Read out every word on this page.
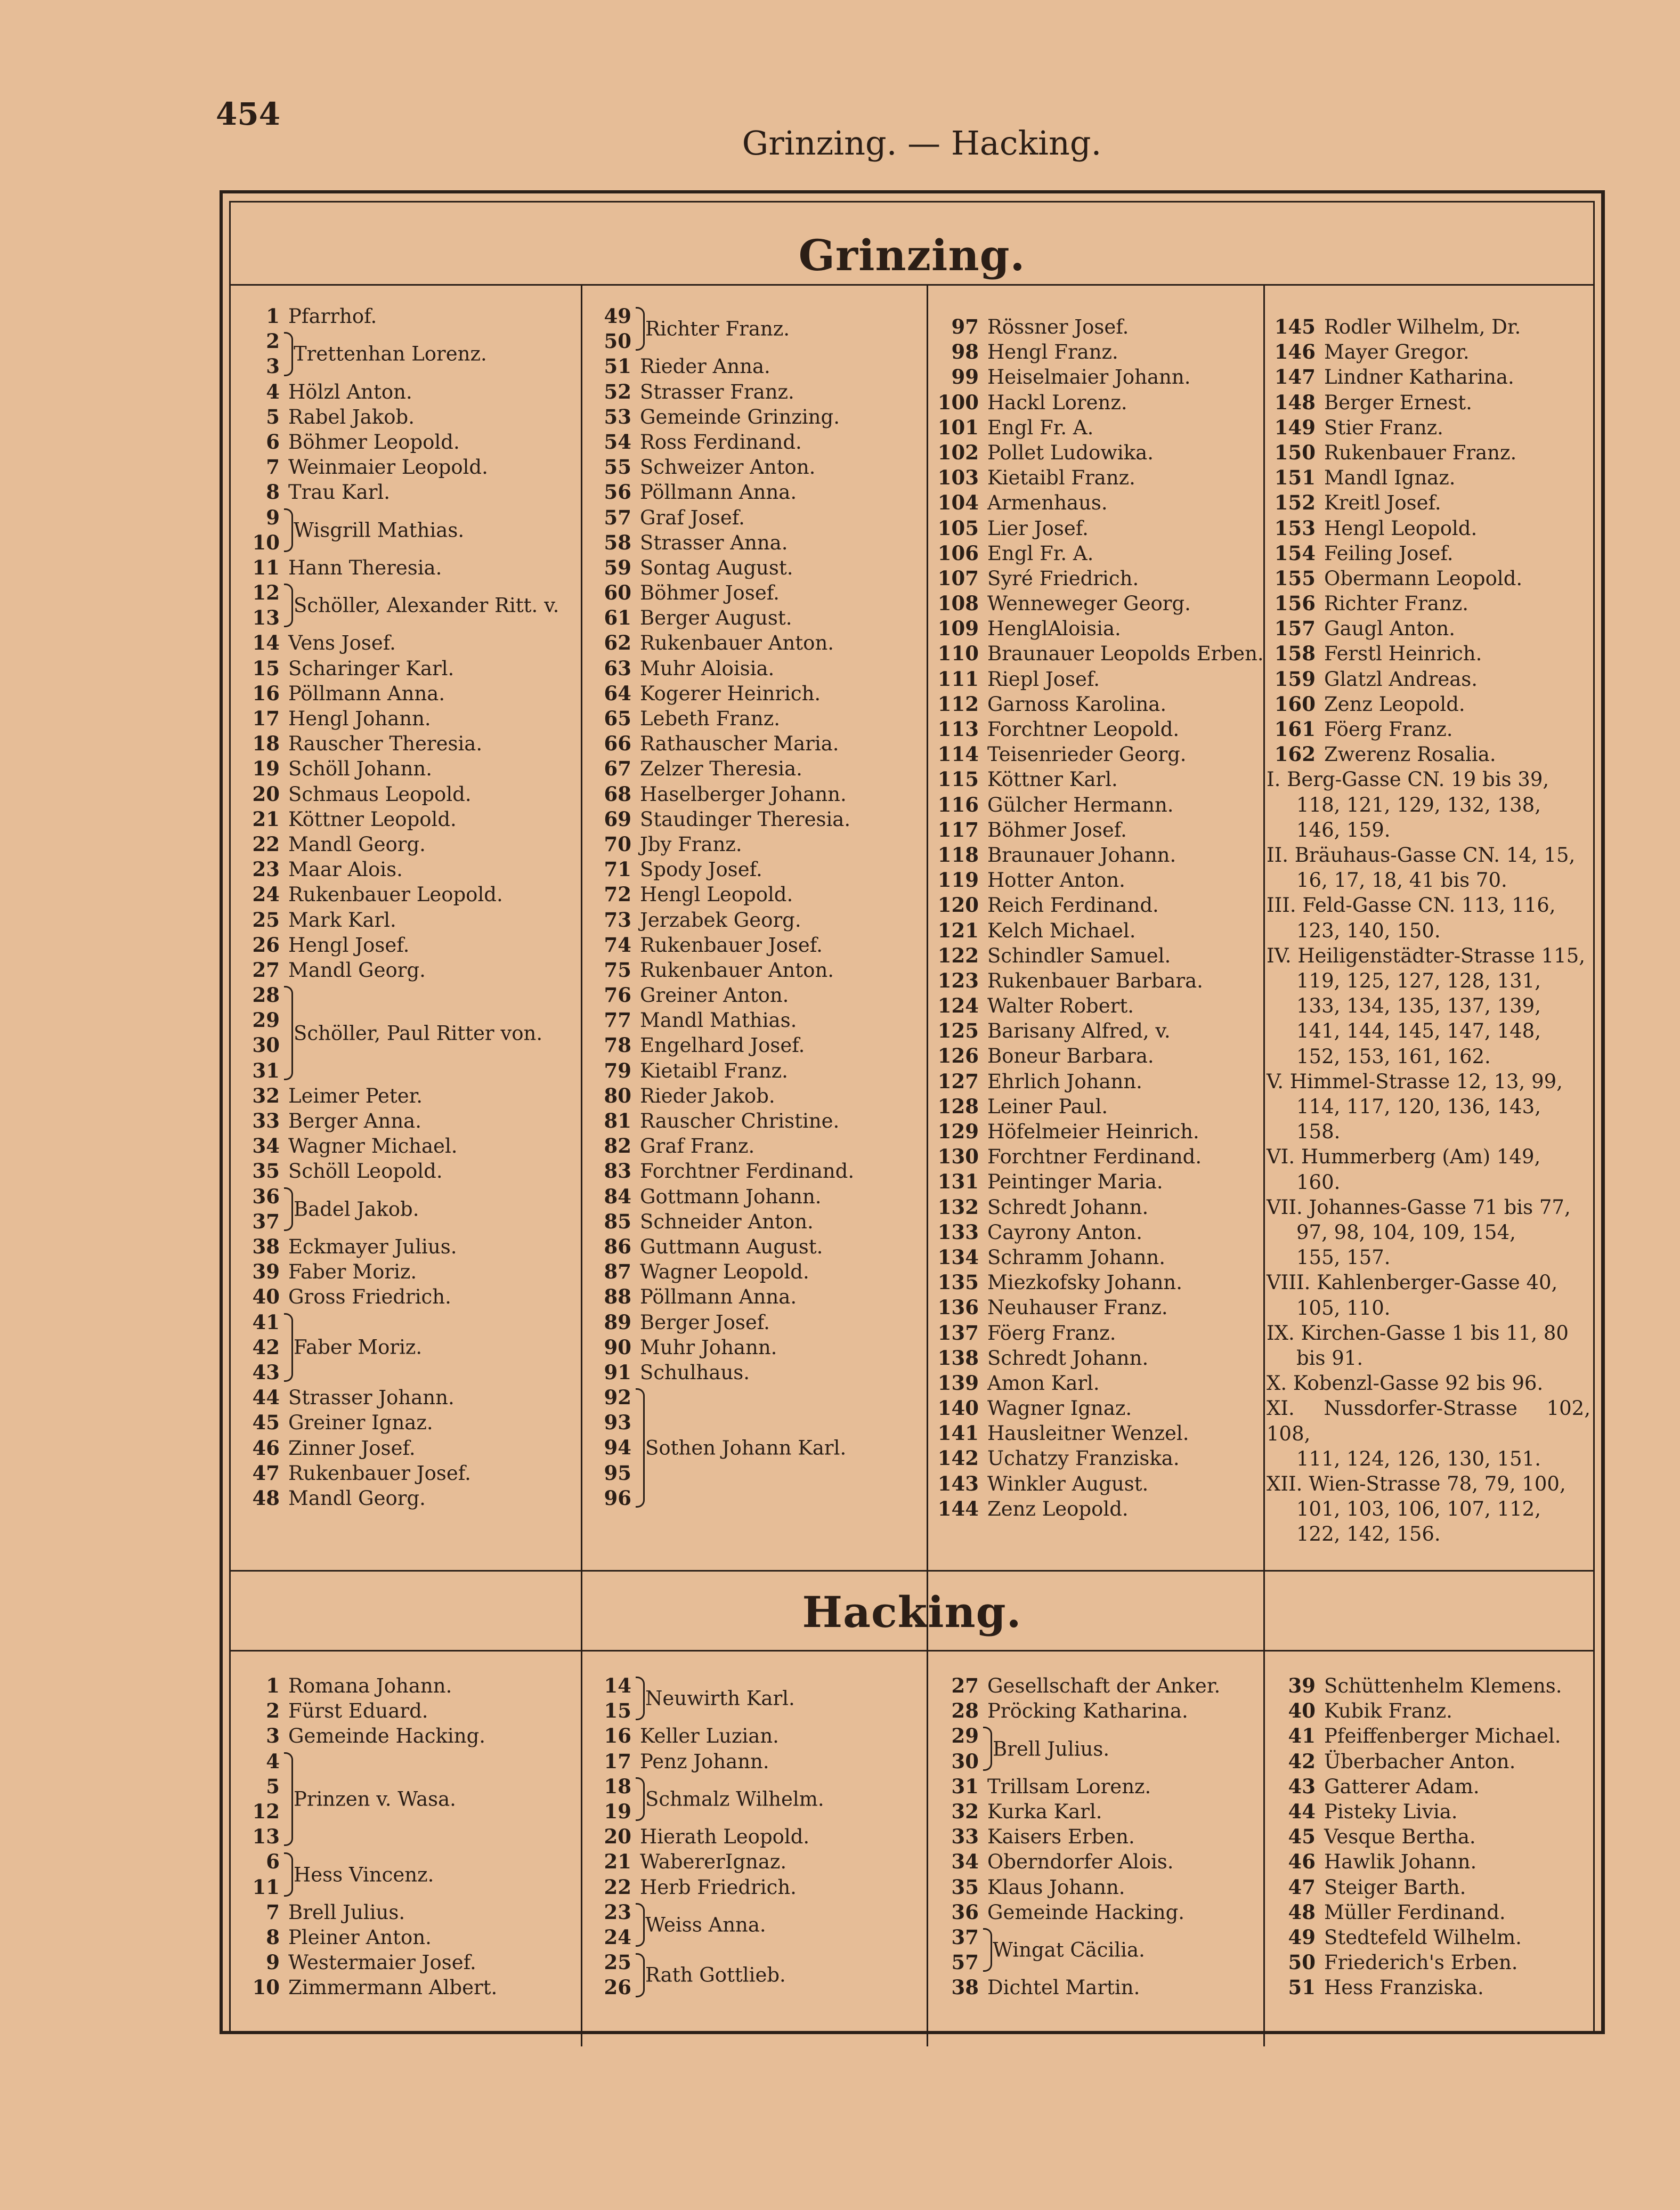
454
Grinzing. — Hacking.
Grinzing.
1 Pfarrhof.
2
3
Trettenhan Lorenz.
4 Hölzl Anton.
5 Rabel Jakob.
6 Böhmer Leopold.
7 Weinmaier Leopold.
8 Trau Karl.
9
10
Wisgrill Mathias.
11 Hann Theresia.
12
13
Schöller, Alexander Ritt. v.
14 Vens Josef.
15 Scharinger Karl.
16 Pöllmann Anna.
17 Hengl Johann.
18 Rauscher Theresia.
19 Schöll Johann.
20 Schmaus Leopold.
21 Köttner Leopold.
22 Mandl Georg.
23 Maar Alois.
24 Rukenbauer Leopold.
25 Mark Karl.
26 Hengl Josef.
27 Mandl Georg.
28
29
30
31
Schöller, Paul Ritter von.
32 Leimer Peter.
33 Berger Anna.
34 Wagner Michael.
35 Schöll Leopold.
36
37
Badel Jakob.
38 Eckmayer Julius.
39 Faber Moriz.
40 Gross Friedrich.
41
42
43
Faber Moriz.
44 Strasser Johann.
45 Greiner Ignaz.
46 Zinner Josef.
47 Rukenbauer Josef.
48 Mandl Georg.
49
50
Richter Franz.
51 Rieder Anna.
52 Strasser Franz.
53 Gemeinde Grinzing.
54 Ross Ferdinand.
55 Schweizer Anton.
56 Pöllmann Anna.
57 Graf Josef.
58 Strasser Anna.
59 Sontag August.
60 Böhmer Josef.
61 Berger August.
62 Rukenbauer Anton.
63 Muhr Aloisia.
64 Kogerer Heinrich.
65 Lebeth Franz.
66 Rathauscher Maria.
67 Zelzer Theresia.
68 Haselberger Johann.
69 Staudinger Theresia.
70 Jby Franz.
71 Spody Josef.
72 Hengl Leopold.
73 Jerzabek Georg.
74 Rukenbauer Josef.
75 Rukenbauer Anton.
76 Greiner Anton.
77 Mandl Mathias.
78 Engelhard Josef.
79 Kietaibl Franz.
80 Rieder Jakob.
81 Rauscher Christine.
82 Graf Franz.
83 Forchtner Ferdinand.
84 Gottmann Johann.
85 Schneider Anton.
86 Guttmann August.
87 Wagner Leopold.
88 Pöllmann Anna.
89 Berger Josef.
90 Muhr Johann.
91 Schulhaus.
92
93
94
95
96
Sothen Johann Karl.
97 Rössner Josef.
98 Hengl Franz.
99 Heiselmaier Johann.
100 Hackl Lorenz.
101 Engl Fr. A.
102 Pollet Ludowika.
103 Kietaibl Franz.
104 Armenhaus.
105 Lier Josef.
106 Engl Fr. A.
107 Syré Friedrich.
108 Wenneweger Georg.
109 HenglAloisia.
110 Braunauer Leopolds Erben.
111 Riepl Josef.
112 Garnoss Karolina.
113 Forchtner Leopold.
114 Teisenrieder Georg.
115 Köttner Karl.
116 Gülcher Hermann.
117 Böhmer Josef.
118 Braunauer Johann.
119 Hotter Anton.
120 Reich Ferdinand.
121 Kelch Michael.
122 Schindler Samuel.
123 Rukenbauer Barbara.
124 Walter Robert.
125 Barisany Alfred, v.
126 Boneur Barbara.
127 Ehrlich Johann.
128 Leiner Paul.
129 Höfelmeier Heinrich.
130 Forchtner Ferdinand.
131 Peintinger Maria.
132 Schredt Johann.
133 Cayrony Anton.
134 Schramm Johann.
135 Miezkofsky Johann.
136 Neuhauser Franz.
137 Föerg Franz.
138 Schredt Johann.
139 Amon Karl.
140 Wagner Ignaz.
141 Hausleitner Wenzel.
142 Uchatzy Franziska.
143 Winkler August.
144 Zenz Leopold.
145 Rodler Wilhelm, Dr.
146 Mayer Gregor.
147 Lindner Katharina.
148 Berger Ernest.
149 Stier Franz.
150 Rukenbauer Franz.
151 Mandl Ignaz.
152 Kreitl Josef.
153 Hengl Leopold.
154 Feiling Josef.
155 Obermann Leopold.
156 Richter Franz.
157 Gaugl Anton.
158 Ferstl Heinrich.
159 Glatzl Andreas.
160 Zenz Leopold.
161 Föerg Franz.
162 Zwerenz Rosalia.
I. Berg-Gasse CN. 19 bis 39,
118, 121, 129, 132, 138,
146, 159.
II. Bräuhaus-Gasse CN. 14, 15,
16, 17, 18, 41 bis 70.
III. Feld-Gasse CN. 113, 116,
123, 140, 150.
IV. Heiligenstädter-Strasse 115,
119, 125, 127, 128, 131,
133, 134, 135, 137, 139,
141, 144, 145, 147, 148,
152, 153, 161, 162.
V. Himmel-Strasse 12, 13, 99,
114, 117, 120, 136, 143,
158.
VI. Hummerberg (Am) 149,
160.
VII. Johannes-Gasse 71 bis 77,
97, 98, 104, 109, 154,
155, 157.
VIII. Kahlenberger-Gasse 40,
105, 110.
IX. Kirchen-Gasse 1 bis 11, 80
bis 91.
X. Kobenzl-Gasse 92 bis 96.
XI. Nussdorfer-Strasse 102, 108,
111, 124, 126, 130, 151.
XII. Wien-Strasse 78, 79, 100,
101, 103, 106, 107, 112,
122, 142, 156.
Hacking.
1 Romana Johann.
2 Fürst Eduard.
3 Gemeinde Hacking.
4
5
12
13
Prinzen v. Wasa.
6
11
Hess Vincenz.
7 Brell Julius.
8 Pleiner Anton.
9 Westermaier Josef.
10 Zimmermann Albert.
14
15
Neuwirth Karl.
16 Keller Luzian.
17 Penz Johann.
18
19
Schmalz Wilhelm.
20 Hierath Leopold.
21 WabererIgnaz.
22 Herb Friedrich.
23
24
Weiss Anna.
25
26
Rath Gottlieb.
27 Gesellschaft der Anker.
28 Pröcking Katharina.
29
30
Brell Julius.
31 Trillsam Lorenz.
32 Kurka Karl.
33 Kaisers Erben.
34 Oberndorfer Alois.
35 Klaus Johann.
36 Gemeinde Hacking.
37
57
Wingat Cäcilia.
38 Dichtel Martin.
39 Schüttenhelm Klemens.
40 Kubik Franz.
41 Pfeiffenberger Michael.
42 Überbacher Anton.
43 Gatterer Adam.
44 Pisteky Livia.
45 Vesque Bertha.
46 Hawlik Johann.
47 Steiger Barth.
48 Müller Ferdinand.
49 Stedtefeld Wilhelm.
50 Friederich's Erben.
51 Hess Franziska.
